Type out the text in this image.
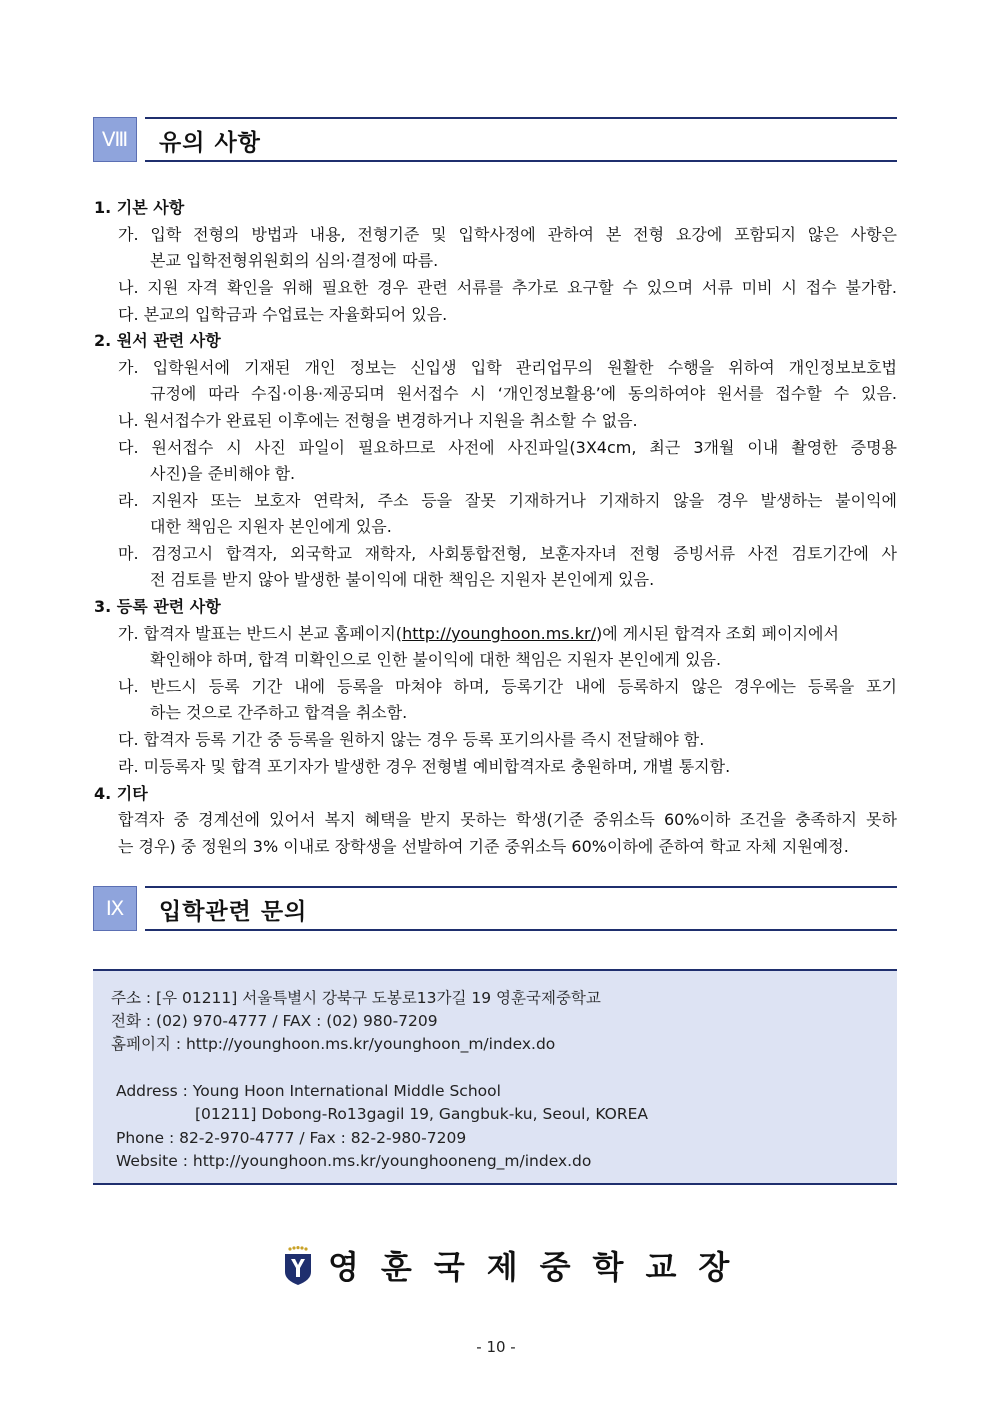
Ⅷ	유의 사항
1. 기본 사항
가. 입학 전형의 방법과 내용, 전형기준 및 입학사정에 관하여 본 전형 요강에 포함되지 않은 사항은
본교 입학전형위원회의 심의·결정에 따름.
나. 지원 자격 확인을 위해 필요한 경우 관련 서류를 추가로 요구할 수 있으며 서류 미비 시 접수 불가함.
다. 본교의 입학금과 수업료는 자율화되어 있음.
2. 원서 관련 사항
가. 입학원서에 기재된 개인 정보는 신입생 입학 관리업무의 원활한 수행을 위하여 개인정보보호법
규정에 따라 수집·이용·제공되며 원서접수 시 ‘개인정보활용’에 동의하여야 원서를 접수할 수 있음.
나. 원서접수가 완료된 이후에는 전형을 변경하거나 지원을 취소할 수 없음.
다. 원서접수 시 사진 파일이 필요하므로 사전에 사진파일(3X4cm, 최근 3개월 이내 촬영한 증명용
사진)을 준비해야 함.
라. 지원자 또는 보호자 연락처, 주소 등을 잘못 기재하거나 기재하지 않을 경우 발생하는 불이익에
대한 책임은 지원자 본인에게 있음.
마. 검정고시 합격자, 외국학교 재학자, 사회통합전형, 보훈자자녀 전형 증빙서류 사전 검토기간에 사
전 검토를 받지 않아 발생한 불이익에 대한 책임은 지원자 본인에게 있음.
3. 등록 관련 사항
가. 합격자 발표는 반드시 본교 홈페이지(http://younghoon.ms.kr/)에 게시된 합격자 조회 페이지에서
확인해야 하며, 합격 미확인으로 인한 불이익에 대한 책임은 지원자 본인에게 있음.
나. 반드시 등록 기간 내에 등록을 마쳐야 하며, 등록기간 내에 등록하지 않은 경우에는 등록을 포기
하는 것으로 간주하고 합격을 취소함.
다. 합격자 등록 기간 중 등록을 원하지 않는 경우 등록 포기의사를 즉시 전달해야 함.
라. 미등록자 및 합격 포기자가 발생한 경우 전형별 예비합격자로 충원하며, 개별 통지함.
4. 기타
합격자 중 경계선에 있어서 복지 혜택을 받지 못하는 학생(기준 중위소득 60%이하 조건을 충족하지 못하
는 경우) 중 정원의 3% 이내로 장학생을 선발하여 기준 중위소득 60%이하에 준하여 학교 자체 지원예정.
Ⅸ	입학관련 문의
주소 : [우 01211] 서울특별시 강북구 도봉로13가길 19 영훈국제중학교
전화 : (02) 970-4777 / FAX : (02) 980-7209
홈페이지 : http://younghoon.ms.kr/younghoon_m/index.do
Address : Young Hoon International Middle School
[01211] Dobong-Ro13gagil 19, Gangbuk-ku, Seoul, KOREA
Phone : 82-2-970-4777 / Fax : 82-2-980-7209
Website : http://younghoon.ms.kr/younghooneng_m/index.do
영훈국제중학교장
- 10 -
